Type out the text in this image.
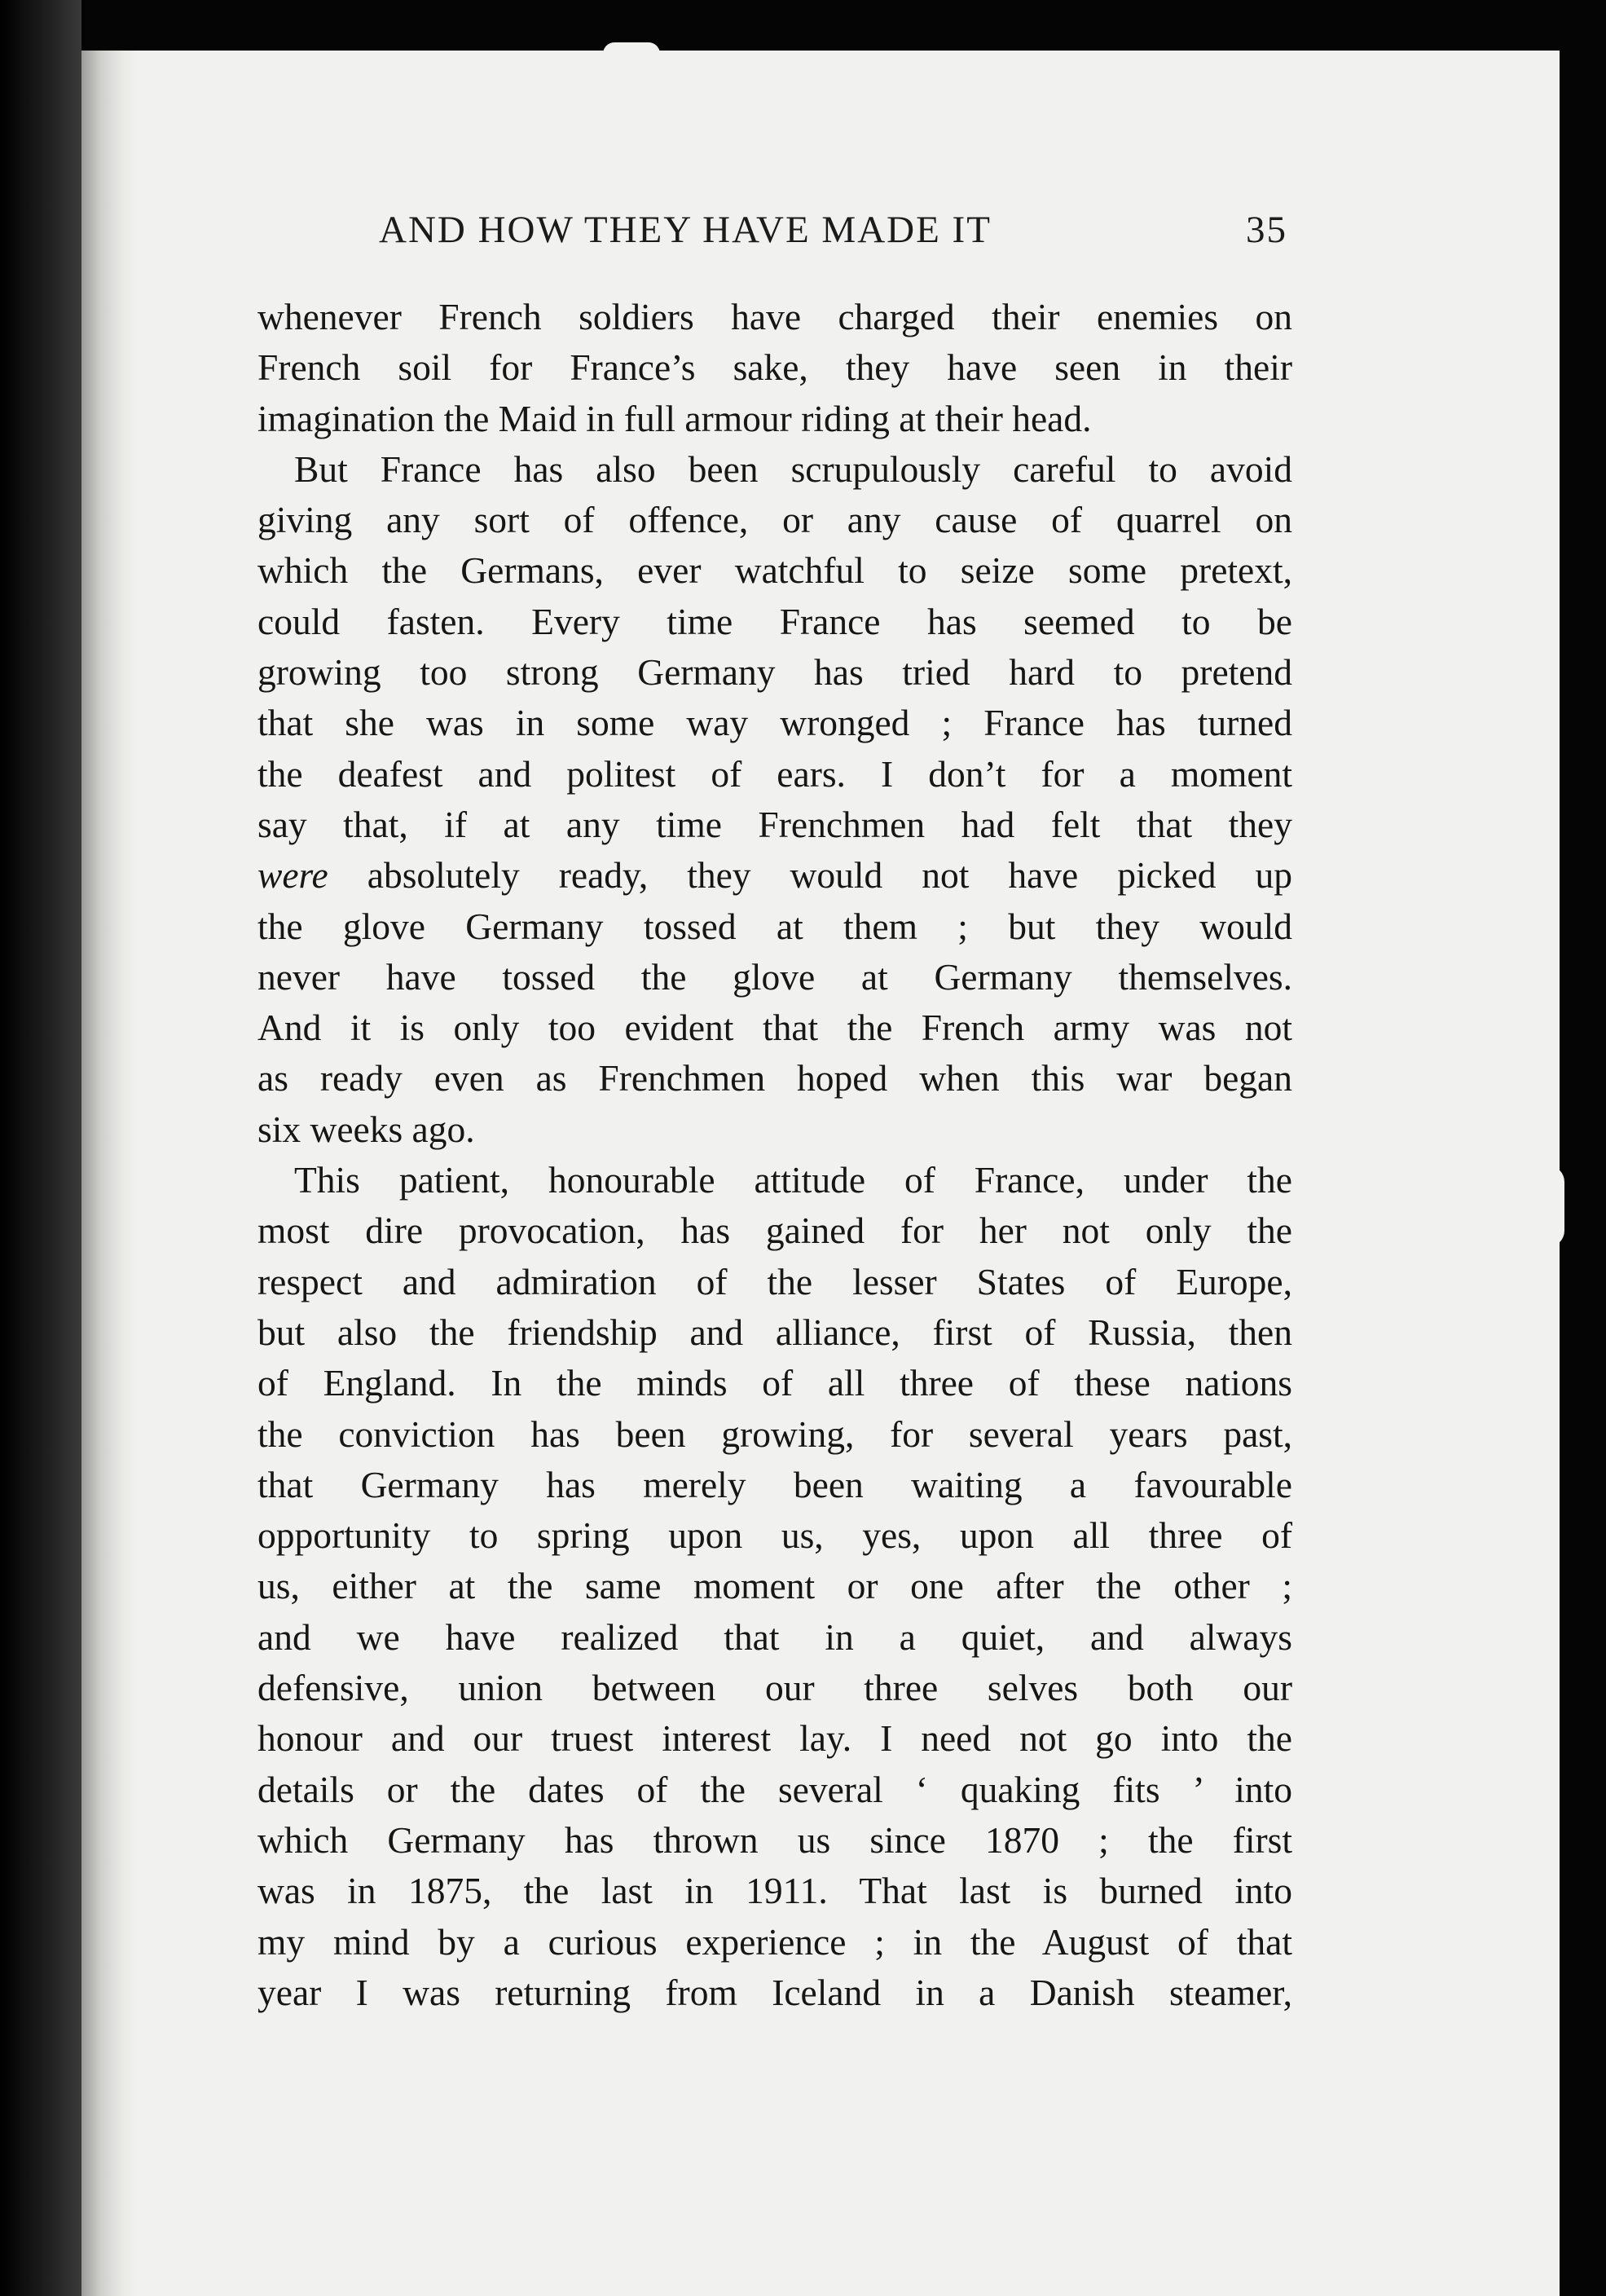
AND HOW THEY HAVE MADE IT	35
whenever French soldiers have charged their enemies on
French soil for France’s sake, they have seen in their
imagination the Maid in full armour riding at their head.
But France has also been scrupulously careful to avoid
giving any sort of offence, or any cause of quarrel on
which the Germans, ever watchful to seize some pretext,
could fasten. Every time France has seemed to be
growing too strong Germany has tried hard to pretend
that she was in some way wronged ; France has turned
the deafest and politest of ears. I don’t for a moment
say that, if at any time Frenchmen had felt that they
were absolutely ready, they would not have picked up
the glove Germany tossed at them ; but they would
never have tossed the glove at Germany themselves.
And it is only too evident that the French army was not
as ready even as Frenchmen hoped when this war began
six weeks ago.
This patient, honourable attitude of France, under the
most dire provocation, has gained for her not only the
respect and admiration of the lesser States of Europe,
but also the friendship and alliance, first of Russia, then
of England. In the minds of all three of these nations
the conviction has been growing, for several years past,
that Germany has merely been waiting a favourable
opportunity to spring upon us, yes, upon all three of
us, either at the same moment or one after the other ;
and we have realized that in a quiet, and always
defensive, union between our three selves both our
honour and our truest interest lay. I need not go into the
details or the dates of the several ‘ quaking fits ’ into
which Germany has thrown us since 1870 ; the first
was in 1875, the last in 1911. That last is burned into
my mind by a curious experience ; in the August of that
year I was returning from Iceland in a Danish steamer,
